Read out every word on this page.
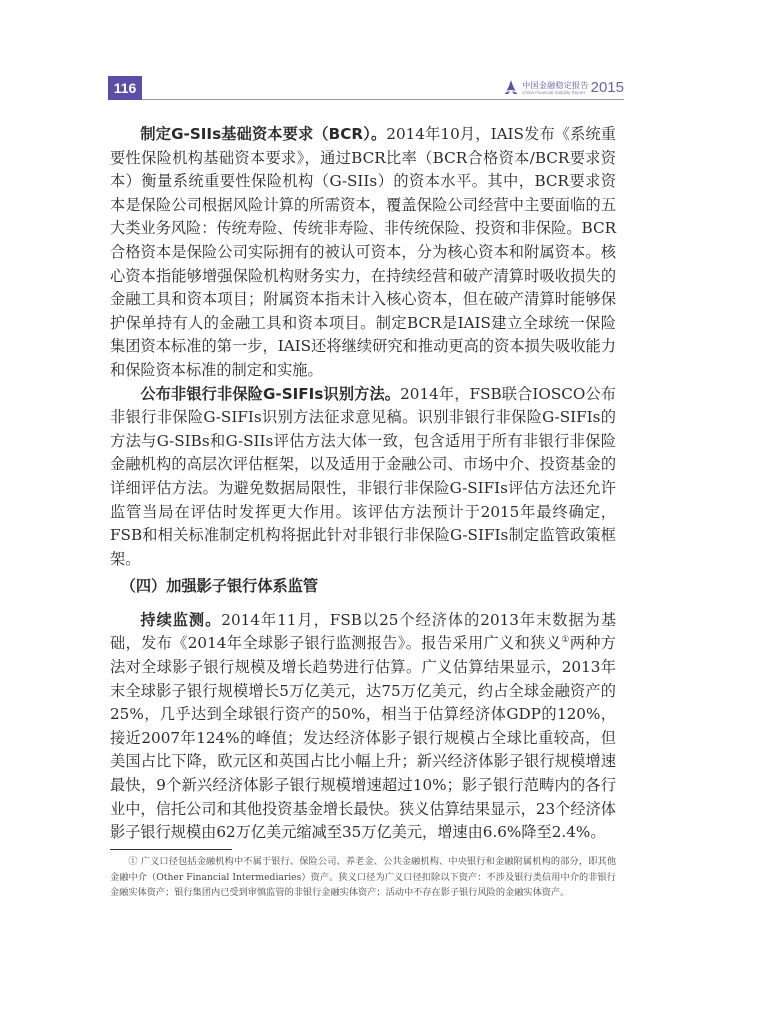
116	中国金融稳定报告
China Financial Stability Report 2015

制定G-SIIs基础资本要求（BCR）。2014年10月，IAIS发布《系统重要性保险机构基础资本要求》，通过BCR比率（BCR合格资本/BCR要求资本）衡量系统重要性保险机构（G-SIIs）的资本水平。其中，BCR要求资本是保险公司根据风险计算的所需资本，覆盖保险公司经营中主要面临的五大类业务风险：传统寿险、传统非寿险、非传统保险、投资和非保险。BCR合格资本是保险公司实际拥有的被认可资本，分为核心资本和附属资本。核心资本指能够增强保险机构财务实力，在持续经营和破产清算时吸收损失的金融工具和资本项目；附属资本指未计入核心资本，但在破产清算时能够保护保单持有人的金融工具和资本项目。制定BCR是IAIS建立全球统一保险集团资本标准的第一步，IAIS还将继续研究和推动更高的资本损失吸收能力和保险资本标准的制定和实施。

公布非银行非保险G-SIFIs识别方法。2014年，FSB联合IOSCO公布非银行非保险G-SIFIs识别方法征求意见稿。识别非银行非保险G-SIFIs的方法与G-SIBs和G-SIIs评估方法大体一致，包含适用于所有非银行非保险金融机构的高层次评估框架，以及适用于金融公司、市场中介、投资基金的详细评估方法。为避免数据局限性，非银行非保险G-SIFIs评估方法还允许监管当局在评估时发挥更大作用。该评估方法预计于2015年最终确定，FSB和相关标准制定机构将据此针对非银行非保险G-SIFIs制定监管政策框架。

（四）加强影子银行体系监管

持续监测。2014年11月，FSB以25个经济体的2013年末数据为基础，发布《2014年全球影子银行监测报告》。报告采用广义和狭义①两种方法对全球影子银行规模及增长趋势进行估算。广义估算结果显示，2013年末全球影子银行规模增长5万亿美元，达75万亿美元，约占全球金融资产的25%，几乎达到全球银行资产的50%，相当于估算经济体GDP的120%，接近2007年124%的峰值；发达经济体影子银行规模占全球比重较高，但美国占比下降，欧元区和英国占比小幅上升；新兴经济体影子银行规模增速最快，9个新兴经济体影子银行规模增速超过10%；影子银行范畴内的各行业中，信托公司和其他投资基金增长最快。狭义估算结果显示，23个经济体影子银行规模由62万亿美元缩减至35万亿美元，增速由6.6%降至2.4%。

① 广义口径包括金融机构中不属于银行、保险公司、养老金、公共金融机构、中央银行和金融附属机构的部分，即其他金融中介（Other Financial Intermediaries）资产。狭义口径为广义口径扣除以下资产：不涉及银行类信用中介的非银行金融实体资产；银行集团内已受到审慎监管的非银行金融实体资产；活动中不存在影子银行风险的金融实体资产。
